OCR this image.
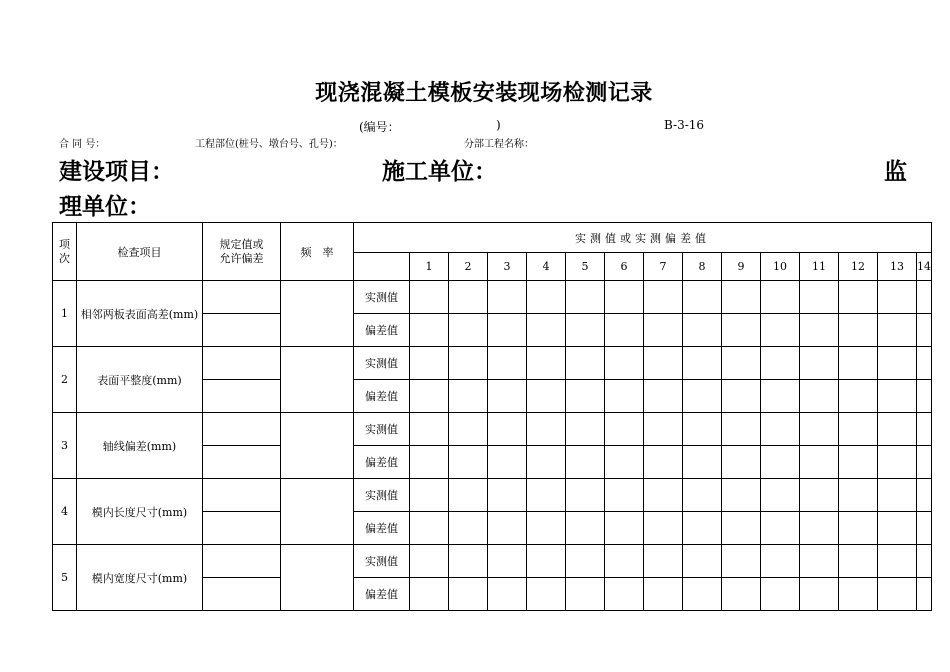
现浇混凝土模板安装现场检测记录
(编号：	)	B-3-16
合 同 号：	工程部位(桩号、墩台号、孔号)：	分部工程名称：
建设项目：	施工单位：	监
理单位：
项
次	检查项目	规定值或
允许偏差	频　率	实测值或实测偏差值														
					1	2	3	4	5	6	7	8	9	10	11	12	13	14
1	相邻两板表面高差(mm)			实测值														
				偏差值														
2	表面平整度(mm)			实测值														
				偏差值														
3	轴线偏差(mm)			实测值														
				偏差值														
4	模内长度尺寸(mm)			实测值														
				偏差值														
5	模内宽度尺寸(mm)			实测值														
				偏差值														
